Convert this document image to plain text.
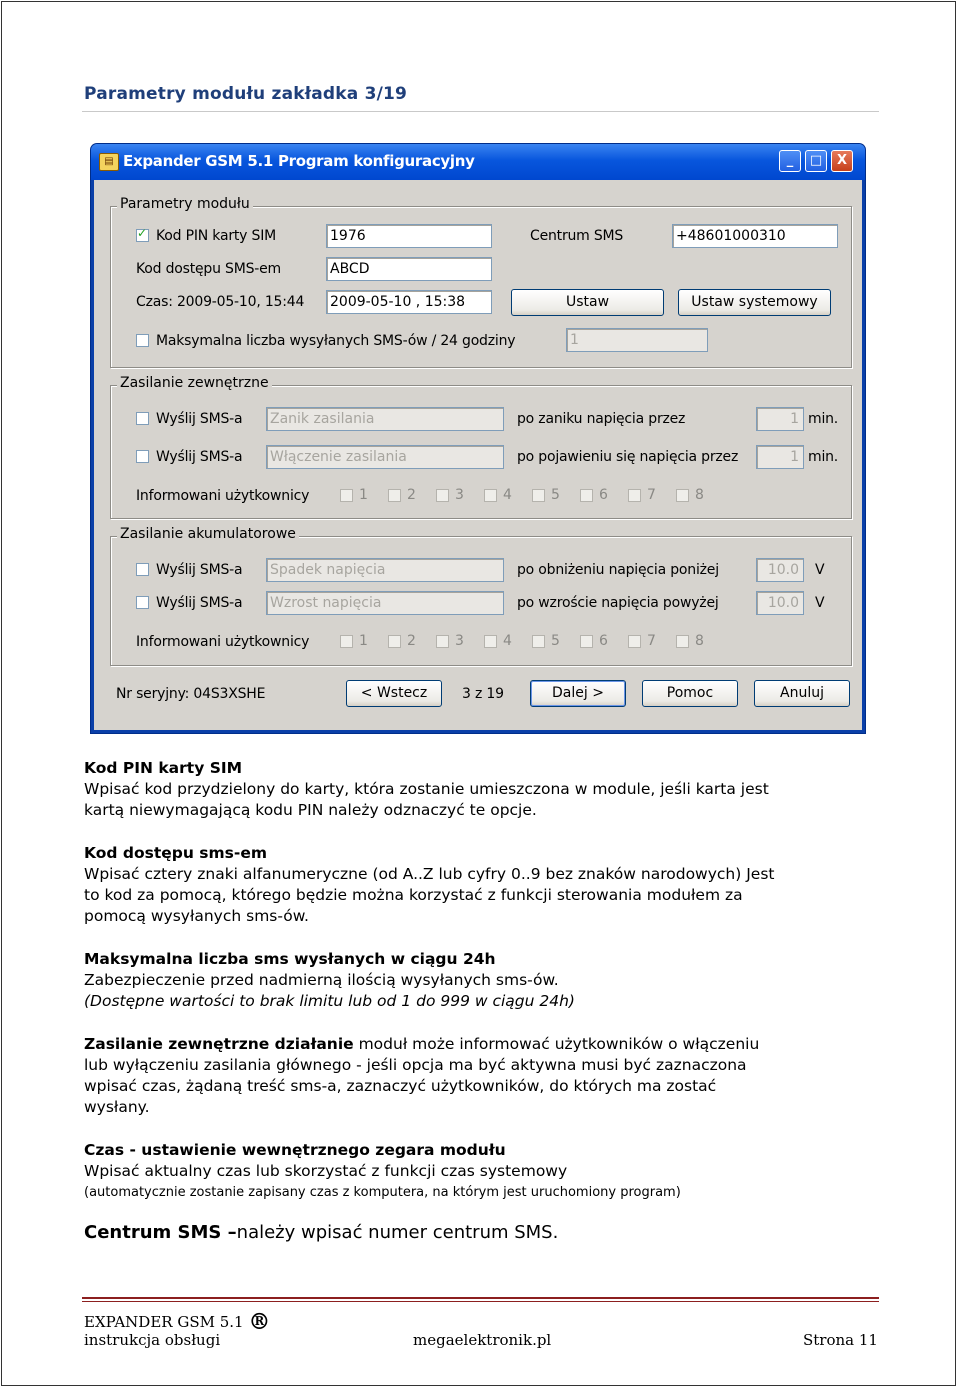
Parametry modułu zakładka 3/19
▤ Expander GSM 5.1 Program konfiguracyjny	_	□	X
Parametry modułu
✓ Kod PIN karty SIM	1976	Centrum SMS	+48601000310
Kod dostępu SMS-em	ABCD
Czas: 2009-05-10, 15:44 2009-05-10 , 15:38	Ustaw	Ustaw systemowy
Maksymalna liczba wysyłanych SMS-ów / 24 godziny	1
Zasilanie zewnętrzne
Wyślij SMS-a Zanik zasilania	po zaniku napięcia przez	1 min.
Wyślij SMS-a Włączenie zasilania	po pojawieniu się napięcia przez	1 min.
Informowani użytkownicy	1	2	3	4	5	6	7	8
Zasilanie akumulatorowe
Wyślij SMS-a Spadek napięcia	po obniżeniu napięcia poniżej	10.0	V
Wyślij SMS-a Wzrost napięcia	po wzroście napięcia powyżej	10.0	V
Informowani użytkownicy	1	2	3	4	5	6	7	8
Nr seryjny: 04S3XSHE	< Wstecz	3 z 19	Dalej >	Pomoc	Anuluj
Kod PIN karty SIM
Wpisać kod przydzielony do karty, która zostanie umieszczona w module, jeśli karta jest
kartą niewymagającą kodu PIN należy odznaczyć te opcje.
Kod dostępu sms-em
Wpisać cztery znaki alfanumeryczne (od A..Z lub cyfry 0..9 bez znaków narodowych) Jest
to kod za pomocą, którego będzie można korzystać z funkcji sterowania modułem za
pomocą wysyłanych sms-ów.
Maksymalna liczba sms wysłanych w ciągu 24h
Zabezpieczenie przed nadmierną ilością wysyłanych sms-ów.
(Dostępne wartości to brak limitu lub od 1 do 999 w ciągu 24h)
Zasilanie zewnętrzne działanie moduł może informować użytkowników o włączeniu
lub wyłączeniu zasilania głównego - jeśli opcja ma być aktywna musi być zaznaczona
wpisać czas, żądaną treść sms-a, zaznaczyć użytkowników, do których ma zostać
wysłany.
Czas - ustawienie wewnętrznego zegara modułu
Wpisać aktualny czas lub skorzystać z funkcji czas systemowy
(automatycznie zostanie zapisany czas z komputera, na którym jest uruchomiony program)
Centrum SMS –należy wpisać numer centrum SMS.
EXPANDER GSM 5.1 ®
instrukcja obsługi	megaelektronik.pl	Strona 11
